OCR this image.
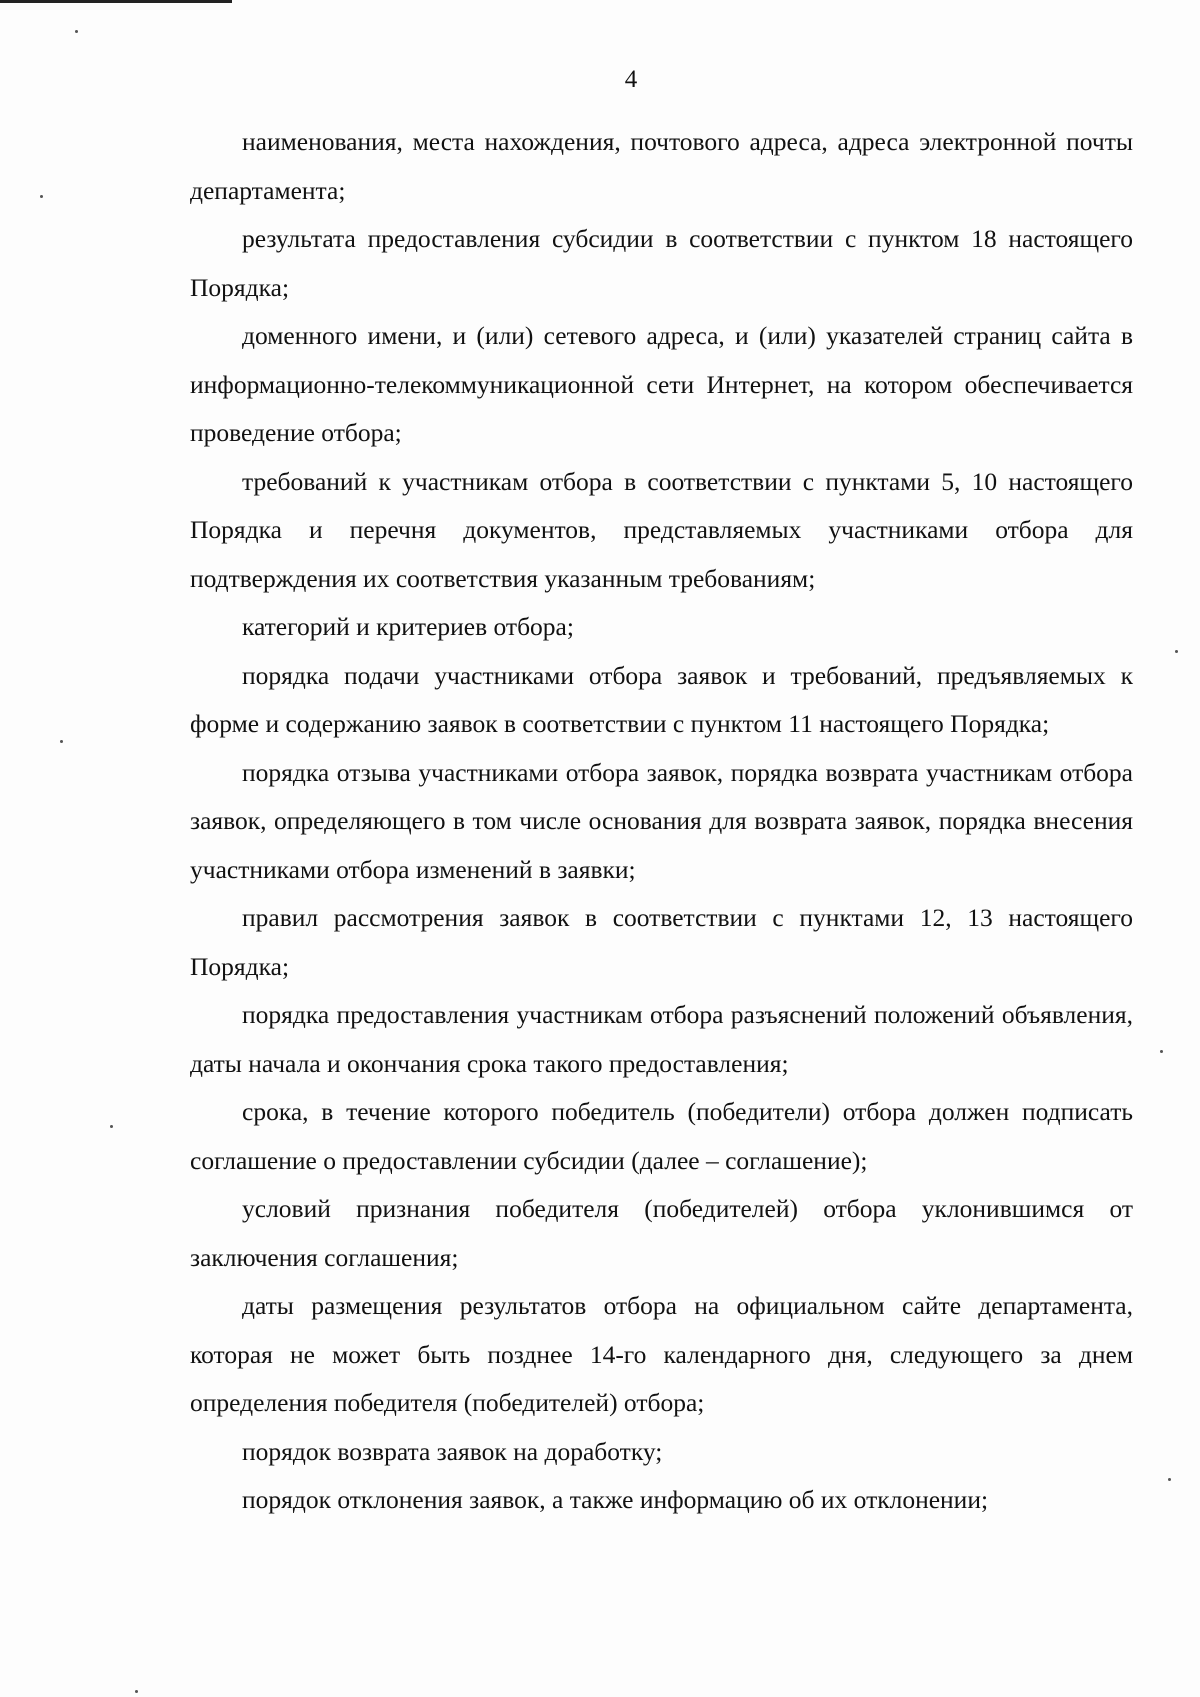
4

наименования, места нахождения, почтового адреса, адреса электронной почты департамента;

результата предоставления субсидии в соответствии с пунктом 18 настоящего Порядка;

доменного имени, и (или) сетевого адреса, и (или) указателей страниц сайта в информационно-телекоммуникационной сети Интернет, на котором обеспечивается проведение отбора;

требований к участникам отбора в соответствии с пунктами 5, 10 настоящего Порядка и перечня документов, представляемых участниками отбора для подтверждения их соответствия указанным требованиям;

категорий и критериев отбора;

порядка подачи участниками отбора заявок и требований, предъявляемых к форме и содержанию заявок в соответствии с пунктом 11 настоящего Порядка;

порядка отзыва участниками отбора заявок, порядка возврата участникам отбора заявок, определяющего в том числе основания для возврата заявок, порядка внесения участниками отбора изменений в заявки;

правил рассмотрения заявок в соответствии с пунктами 12, 13 настоящего Порядка;

порядка предоставления участникам отбора разъяснений положений объявления, даты начала и окончания срока такого предоставления;

срока, в течение которого победитель (победители) отбора должен подписать соглашение о предоставлении субсидии (далее – соглашение);

условий признания победителя (победителей) отбора уклонившимся от заключения соглашения;

даты размещения результатов отбора на официальном сайте департамента, которая не может быть позднее 14-го календарного дня, следующего за днем определения победителя (победителей) отбора;

порядок возврата заявок на доработку;

порядок отклонения заявок, а также информацию об их отклонении;
